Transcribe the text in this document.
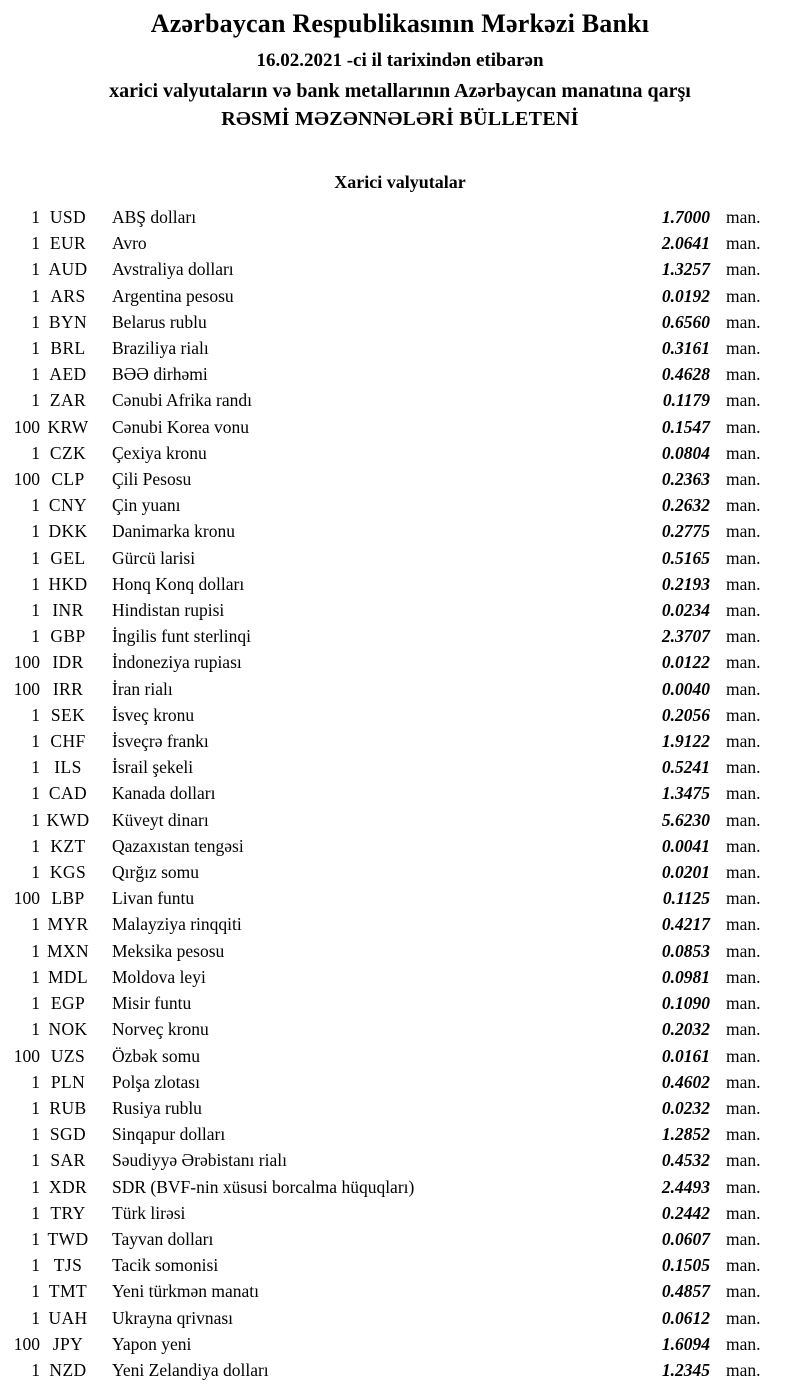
Azərbaycan Respublikasının Mərkəzi Bankı
16.02.2021 -ci il tarixindən etibarən
xarici valyutaların və bank metallarının Azərbaycan manatına qarşı
RƏSMİ MƏZƏNNƏLƏRİ BÜLLETENİ
Xarici valyutalar
1 USD	ABŞ dolları	1.7000 man.
1 EUR	Avro	2.0641 man.
1 AUD	Avstraliya dolları	1.3257 man.
1 ARS	Argentina pesosu	0.0192 man.
1 BYN	Belarus rublu	0.6560 man.
1 BRL	Braziliya rialı	0.3161 man.
1 AED	BƏƏ dirhəmi	0.4628 man.
1 ZAR	Cənubi Afrika randı	0.1179 man.
100 KRW	Cənubi Korea vonu	0.1547 man.
1 CZK	Çexiya kronu	0.0804 man.
100 CLP	Çili Pesosu	0.2363 man.
1 CNY	Çin yuanı	0.2632 man.
1 DKK	Danimarka kronu	0.2775 man.
1 GEL	Gürcü larisi	0.5165 man.
1 HKD	Honq Konq dolları	0.2193 man.
1 INR	Hindistan rupisi	0.0234 man.
1 GBP	İngilis funt sterlinqi	2.3707 man.
100 IDR	İndoneziya rupiası	0.0122 man.
100 IRR	İran rialı	0.0040 man.
1 SEK	İsveç kronu	0.2056 man.
1 CHF	İsveçrə frankı	1.9122 man.
1 ILS	İsrail şekeli	0.5241 man.
1 CAD	Kanada dolları	1.3475 man.
1 KWD	Küveyt dinarı	5.6230 man.
1 KZT	Qazaxıstan tengəsi	0.0041 man.
1 KGS	Qırğız somu	0.0201 man.
100 LBP	Livan funtu	0.1125 man.
1 MYR	Malayziya rinqqiti	0.4217 man.
1 MXN	Meksika pesosu	0.0853 man.
1 MDL	Moldova leyi	0.0981 man.
1 EGP	Misir funtu	0.1090 man.
1 NOK	Norveç kronu	0.2032 man.
100 UZS	Özbək somu	0.0161 man.
1 PLN	Polşa zlotası	0.4602 man.
1 RUB	Rusiya rublu	0.0232 man.
1 SGD	Sinqapur dolları	1.2852 man.
1 SAR	Səudiyyə Ərəbistanı rialı	0.4532 man.
1 XDR	SDR (BVF-nin xüsusi borcalma hüquqları)	2.4493 man.
1 TRY	Türk lirəsi	0.2442 man.
1 TWD	Tayvan dolları	0.0607 man.
1 TJS	Tacik somonisi	0.1505 man.
1 TMT	Yeni türkmən manatı	0.4857 man.
1 UAH	Ukrayna qrivnası	0.0612 man.
100 JPY	Yapon yeni	1.6094 man.
1 NZD	Yeni Zelandiya dolları	1.2345 man.
